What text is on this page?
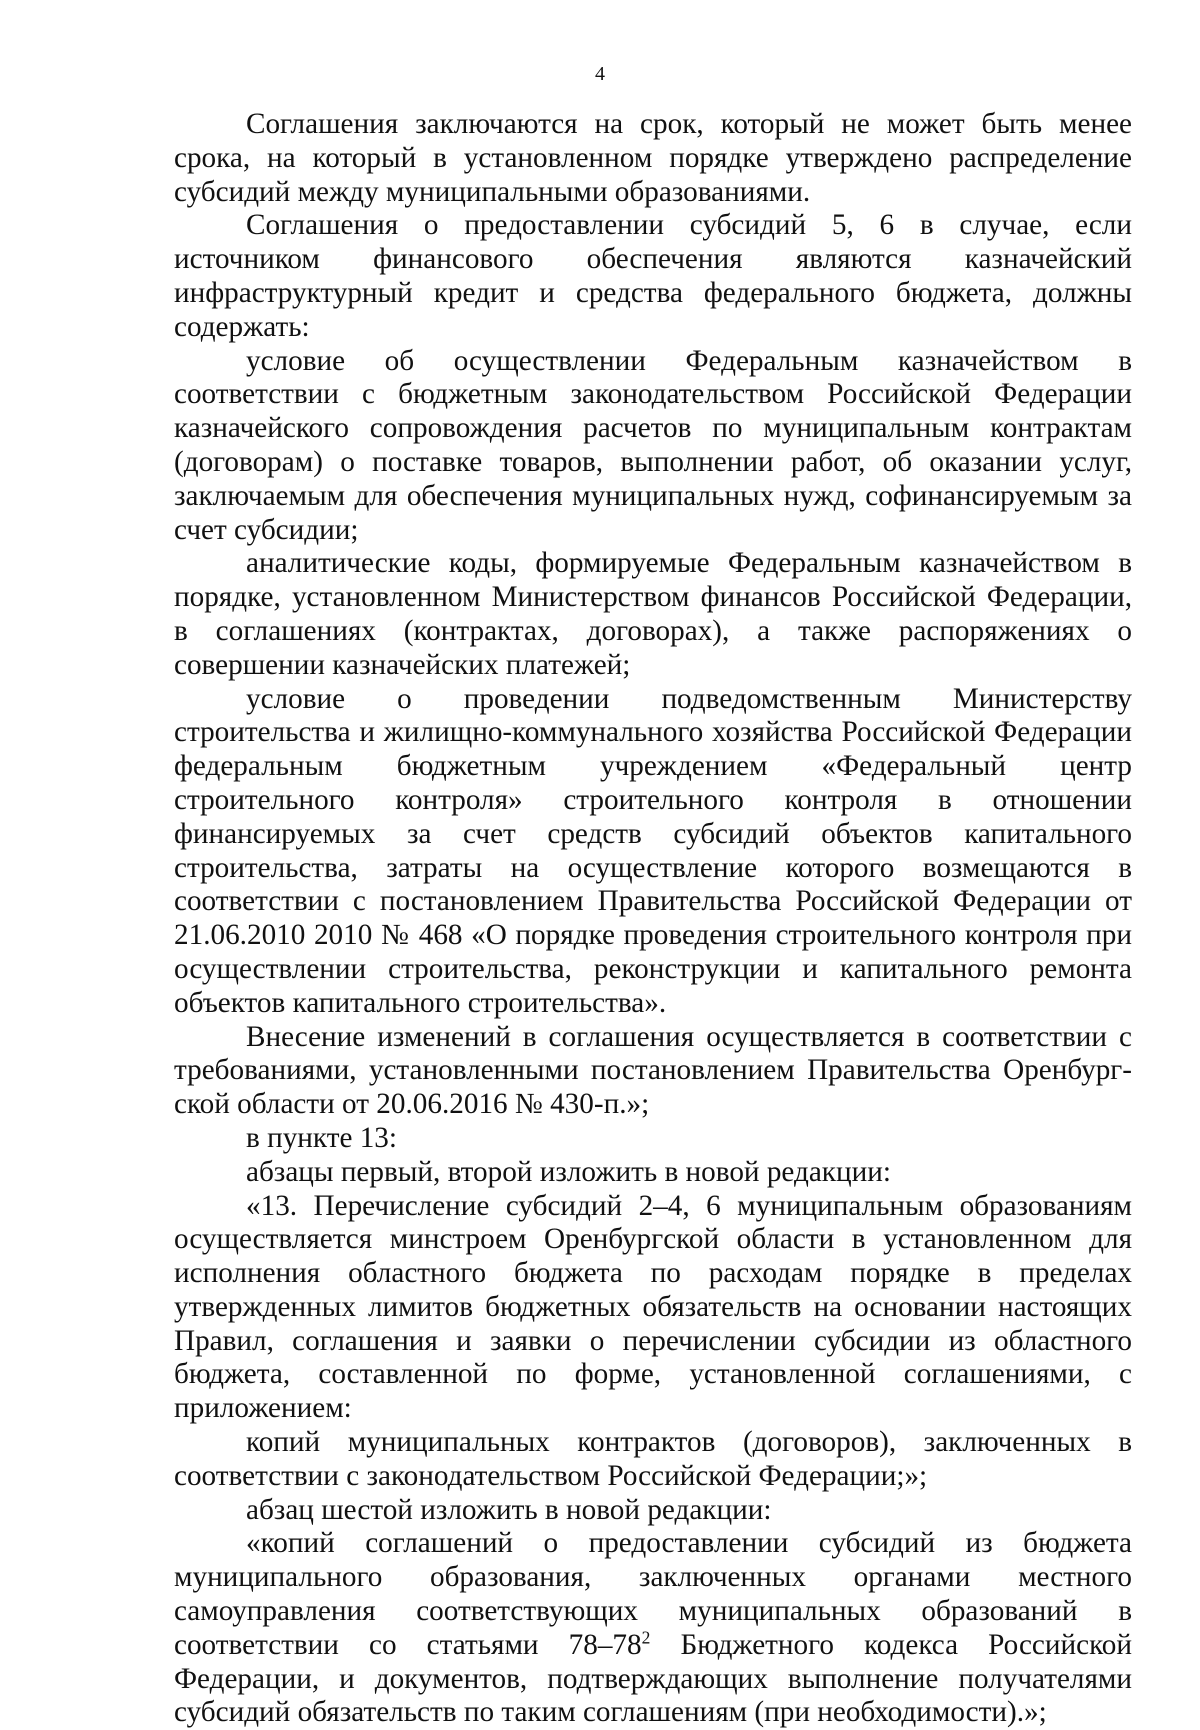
4

Соглашения заключаются на срок, который не может быть менее срока, на который в установленном порядке утверждено распределение субсидий между муниципальными образованиями.

Соглашения о предоставлении субсидий 5, 6 в случае, если источником финансового обеспечения являются казначейский инфраструктурный кредит и средства федерального бюджета, должны содержать:

условие об осуществлении Федеральным казначейством в соответствии с бюджетным законодательством Российской Федерации казначейского сопровождения расчетов по муниципальным контрактам (договорам) о поставке товаров, выполнении работ, об оказании услуг, заключаемым для обеспечения муниципальных нужд, софинансируемым за счет субсидии;

аналитические коды, формируемые Федеральным казначейством в порядке, установленном Министерством финансов Российской Федерации, в соглашениях (контрактах, договорах), а также распоряжениях о совершении казначейских платежей;

условие о проведении подведомственным Министерству строительства и жилищно-коммунального хозяйства Российской Федерации федеральным бюджетным учреждением «Федеральный центр строительного контроля» строительного контроля в отношении финансируемых за счет средств субсидий объектов капитального строительства, затраты на осуществление которого возмещаются в соответствии с постановлением Правительства Российской Федерации от 21.06.2010 2010 № 468 «О порядке проведения строительного контроля при осуществлении строительства, реконструкции и капитального ремонта объектов капитального строительства».

Внесение изменений в соглашения осуществляется в соответствии с требованиями, установленными постановлением Правительства Оренбургской области от 20.06.2016 № 430-п.»;

в пункте 13:

абзацы первый, второй изложить в новой редакции:

«13. Перечисление субсидий 2–4, 6 муниципальным образованиям осуществляется минстроем Оренбургской области в установленном для исполнения областного бюджета по расходам порядке в пределах утвержденных лимитов бюджетных обязательств на основании настоящих Правил, соглашения и заявки о перечислении субсидии из областного бюджета, составленной по форме, установленной соглашениями, с приложением:

копий муниципальных контрактов (договоров), заключенных в соответствии с законодательством Российской Федерации;»;

абзац шестой изложить в новой редакции:

«копий соглашений о предоставлении субсидий из бюджета муниципального образования, заключенных органами местного самоуправления соответствующих муниципальных образований в соответствии со статьями $78-78^2$ Бюджетного кодекса Российской Федерации, и документов, подтверждающих выполнение получателями субсидий обязательств по таким соглашениям (при необходимости).»;
